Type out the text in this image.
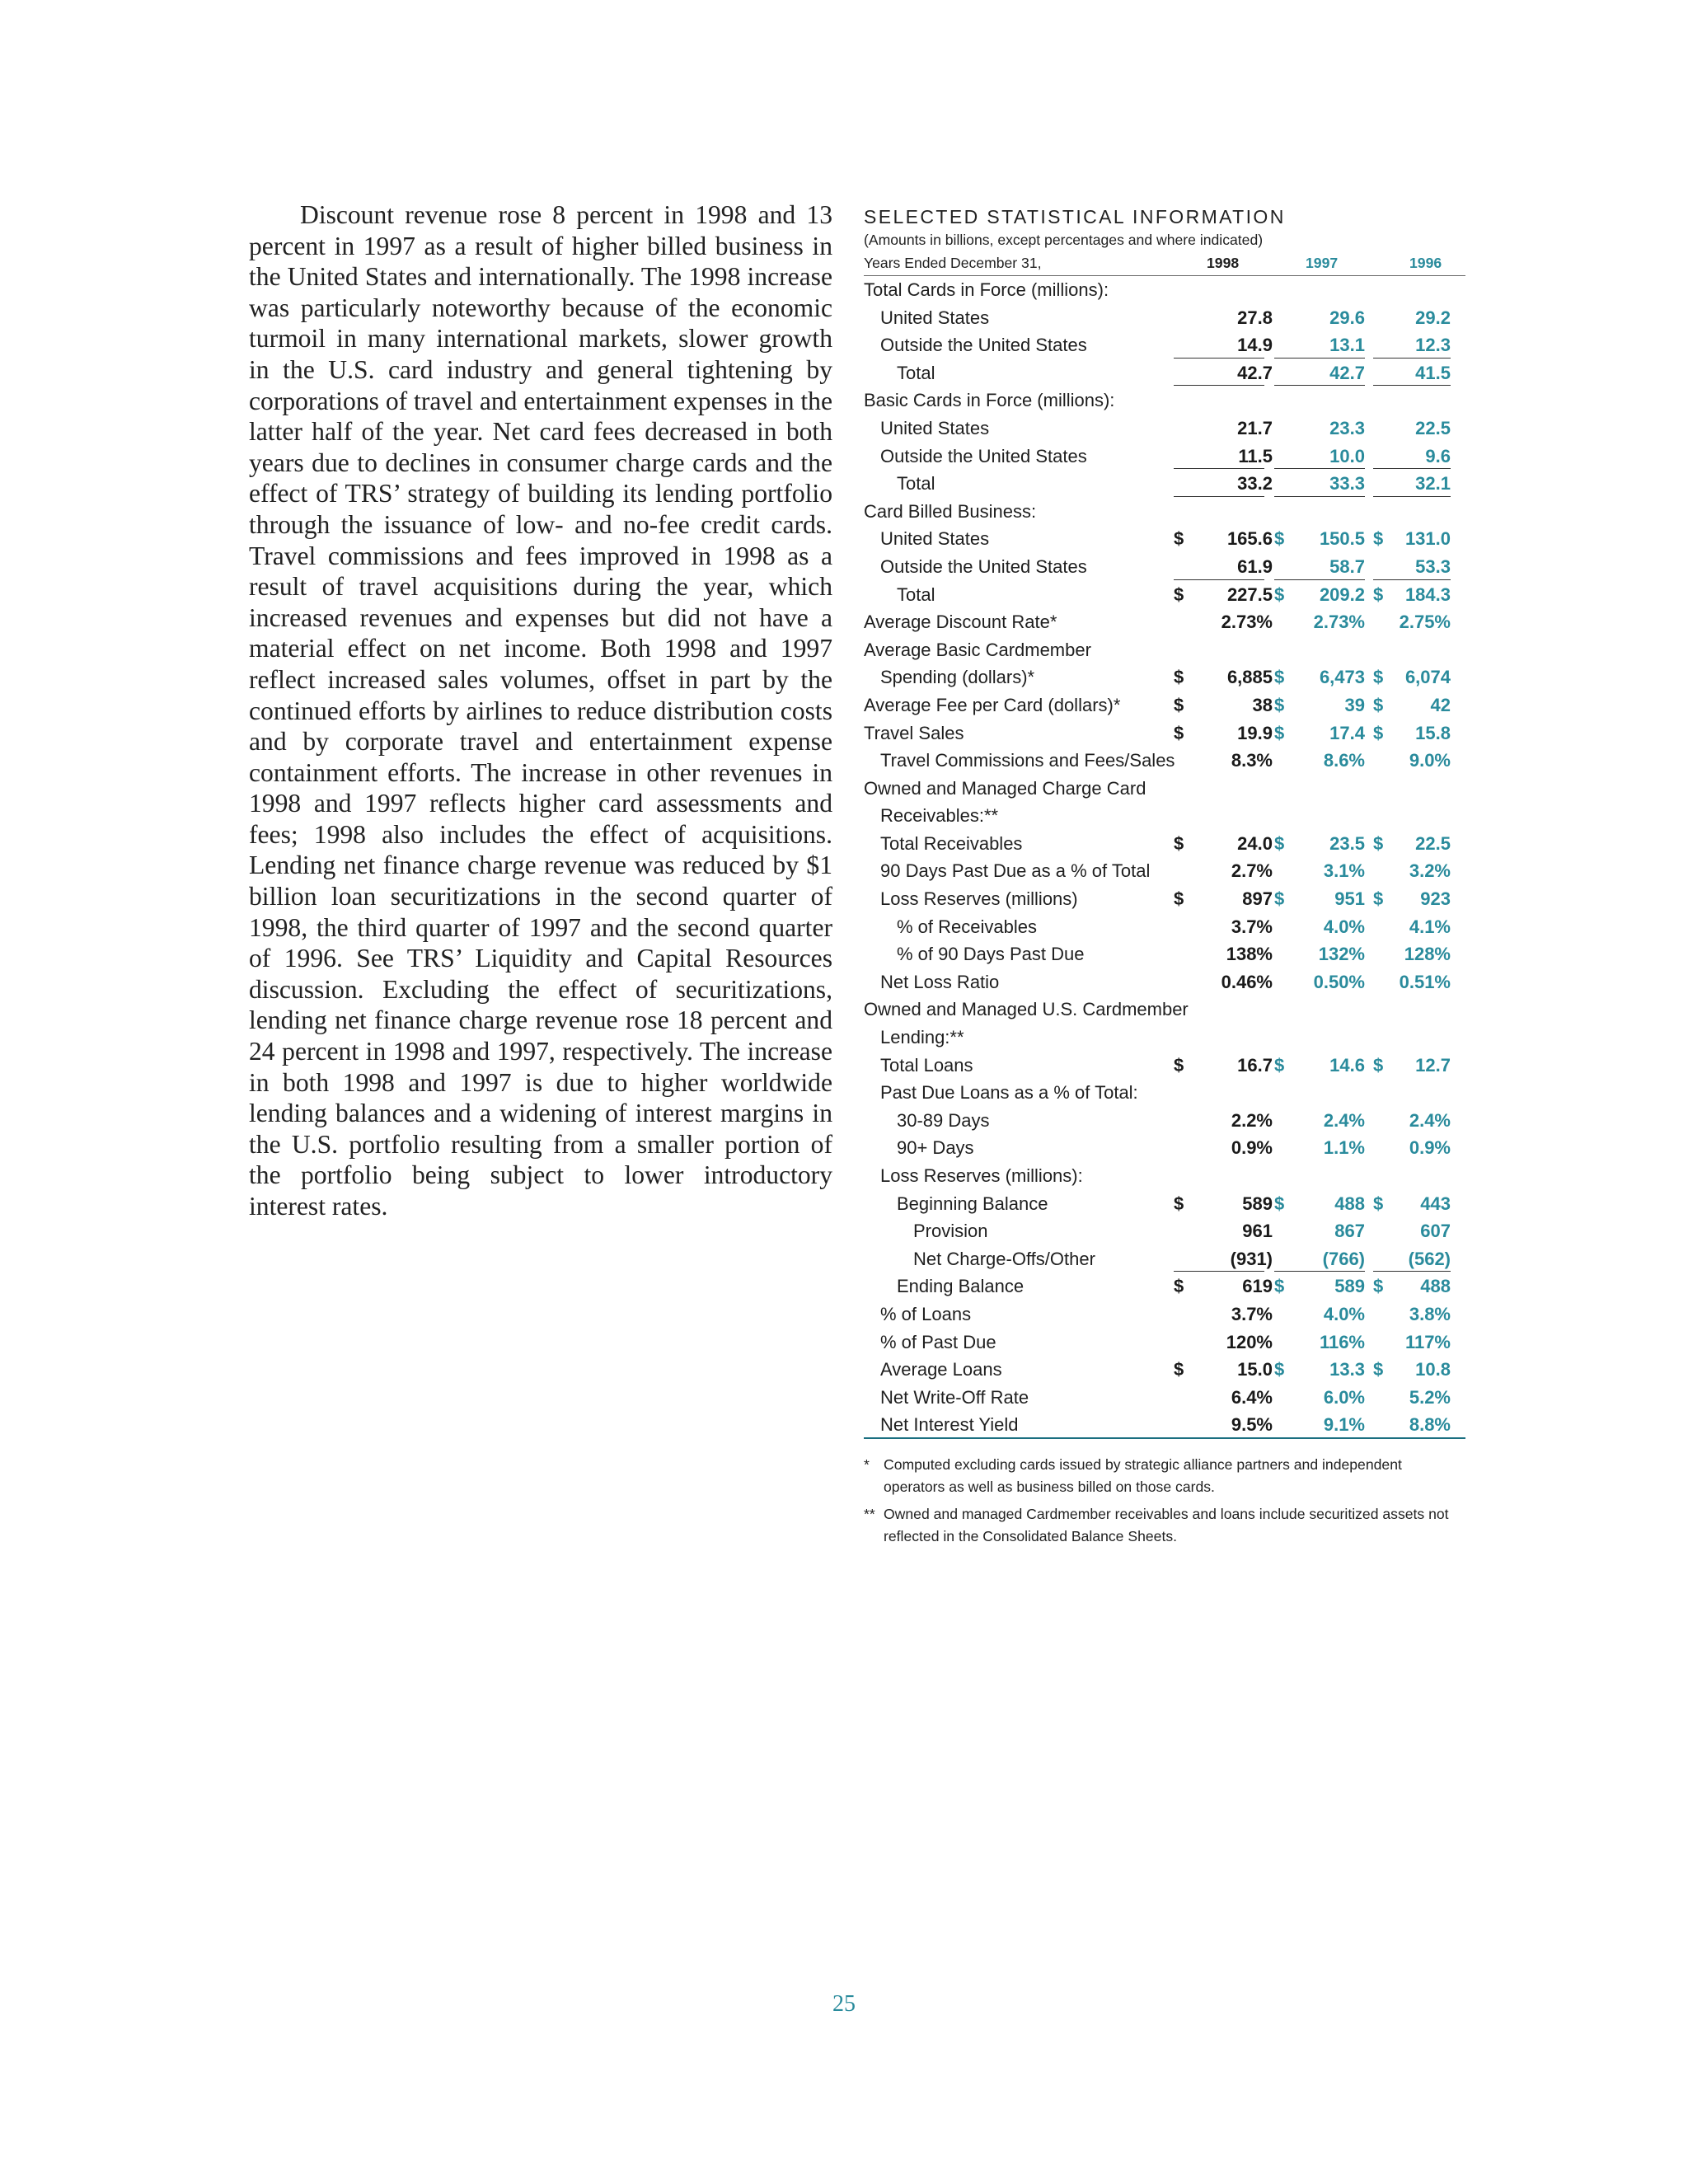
Discount revenue rose 8 percent in 1998 and 13 percent in 1997 as a result of higher billed business in the United States and internationally. The 1998 increase was particularly noteworthy because of the economic turmoil in many international markets, slower growth in the U.S. card industry and general tightening by corporations of travel and entertainment expenses in the latter half of the year. Net card fees decreased in both years due to declines in consumer charge cards and the effect of TRS’ strategy of building its lending portfolio through the issuance of low- and no-fee credit cards. Travel commissions and fees improved in 1998 as a result of travel acquisitions during the year, which increased revenues and expenses but did not have a material effect on net income. Both 1998 and 1997 reflect increased sales volumes, offset in part by the continued efforts by airlines to reduce distribution costs and by corporate travel and entertainment expense containment efforts. The increase in other revenues in 1998 and 1997 reflects higher card assessments and fees; 1998 also includes the effect of acquisitions. Lending net finance charge revenue was reduced by $1 billion loan securitizations in the second quarter of 1998, the third quarter of 1997 and the second quarter of 1996. See TRS’ Liquidity and Capital Resources discussion. Excluding the effect of securitizations, lending net finance charge revenue rose 18 percent and 24 percent in 1998 and 1997, respectively. The increase in both 1998 and 1997 is due to higher worldwide lending balances and a widening of interest margins in the U.S. portfolio resulting from a smaller portion of the portfolio being subject to lower introductory interest rates.

SELECTED STATISTICAL INFORMATION
(Amounts in billions, except percentages and where indicated)
Years Ended December 31,	1998	1997	1996
Total Cards in Force (millions):
United States	27.8	29.6	29.2
Outside the United States	14.9	13.1	12.3
Total	42.7	42.7	41.5
Basic Cards in Force (millions):
United States	21.7	23.3	22.5
Outside the United States	11.5	10.0	9.6
Total	33.2	33.3	32.1
Card Billed Business:
United States	$ 165.6 $ 150.5 $ 131.0
Outside the United States	61.9	58.7	53.3
Total	$ 227.5 $ 209.2 $ 184.3
Average Discount Rate*	2.73% 2.73% 2.75%
Average Basic Cardmember
Spending (dollars)*	$ 6,885 $ 6,473 $ 6,074
Average Fee per Card (dollars)*	$	38 $	39 $	42
Travel Sales	$	19.9 $ 17.4 $ 15.8
Travel Commissions and Fees/Sales	8.3%	8.6% 9.0%
Owned and Managed Charge Card
Receivables:**
Total Receivables	$	24.0 $ 23.5 $ 22.5
90 Days Past Due as a % of Total	2.7%	3.1% 3.2%
Loss Reserves (millions)	$	897 $	951 $ 923
% of Receivables	3.7%	4.0% 4.1%
% of 90 Days Past Due	138%	132% 128%
Net Loss Ratio	0.46% 0.50% 0.51%
Owned and Managed U.S. Cardmember
Lending:**
Total Loans	$	16.7 $ 14.6 $ 12.7
Past Due Loans as a % of Total:
30-89 Days	2.2%	2.4% 2.4%
90+ Days	0.9%	1.1% 0.9%
Loss Reserves (millions):
Beginning Balance	$	589 $	488 $ 443
Provision	961	867	607
Net Charge-Offs/Other	(931)	(766) (562)
Ending Balance	$	619 $	589 $ 488
% of Loans	3.7%	4.0% 3.8%
% of Past Due	120%	116% 117%
Average Loans	$	15.0 $ 13.3 $ 10.8
Net Write-Off Rate	6.4%	6.0% 5.2%
Net Interest Yield	9.5%	9.1% 8.8%
* Computed excluding cards issued by strategic alliance partners and independent operators as well as business billed on those cards.
** Owned and managed Cardmember receivables and loans include securitized assets not reflected in the Consolidated Balance Sheets.
25
